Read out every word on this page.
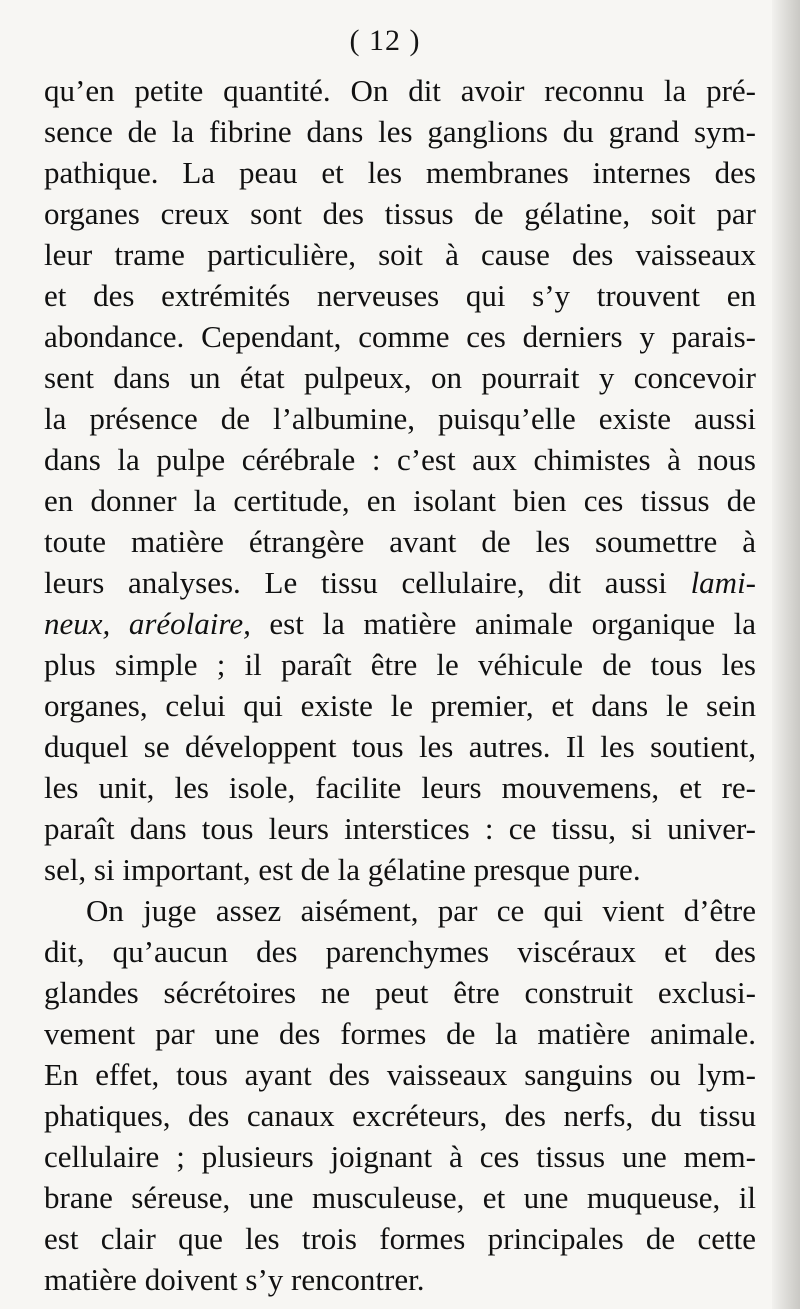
( 12 )
qu’en petite quantité. On dit avoir reconnu la pré-
sence de la fibrine dans les ganglions du grand sym-
pathique. La peau et les membranes internes des
organes creux sont des tissus de gélatine, soit par
leur trame particulière, soit à cause des vaisseaux
et des extrémités nerveuses qui s’y trouvent en
abondance. Cependant, comme ces derniers y parais-
sent dans un état pulpeux, on pourrait y concevoir
la présence de l’albumine, puisqu’elle existe aussi
dans la pulpe cérébrale : c’est aux chimistes à nous
en donner la certitude, en isolant bien ces tissus de
toute matière étrangère avant de les soumettre à
leurs analyses. Le tissu cellulaire, dit aussi lami-
neux, aréolaire, est la matière animale organique la
plus simple ; il paraît être le véhicule de tous les
organes, celui qui existe le premier, et dans le sein
duquel se développent tous les autres. Il les soutient,
les unit, les isole, facilite leurs mouvemens, et re-
paraît dans tous leurs interstices : ce tissu, si univer-
sel, si important, est de la gélatine presque pure.
On juge assez aisément, par ce qui vient d’être
dit, qu’aucun des parenchymes viscéraux et des
glandes sécrétoires ne peut être construit exclusi-
vement par une des formes de la matière animale.
En effet, tous ayant des vaisseaux sanguins ou lym-
phatiques, des canaux excréteurs, des nerfs, du tissu
cellulaire ; plusieurs joignant à ces tissus une mem-
brane séreuse, une musculeuse, et une muqueuse, il
est clair que les trois formes principales de cette
matière doivent s’y rencontrer.
